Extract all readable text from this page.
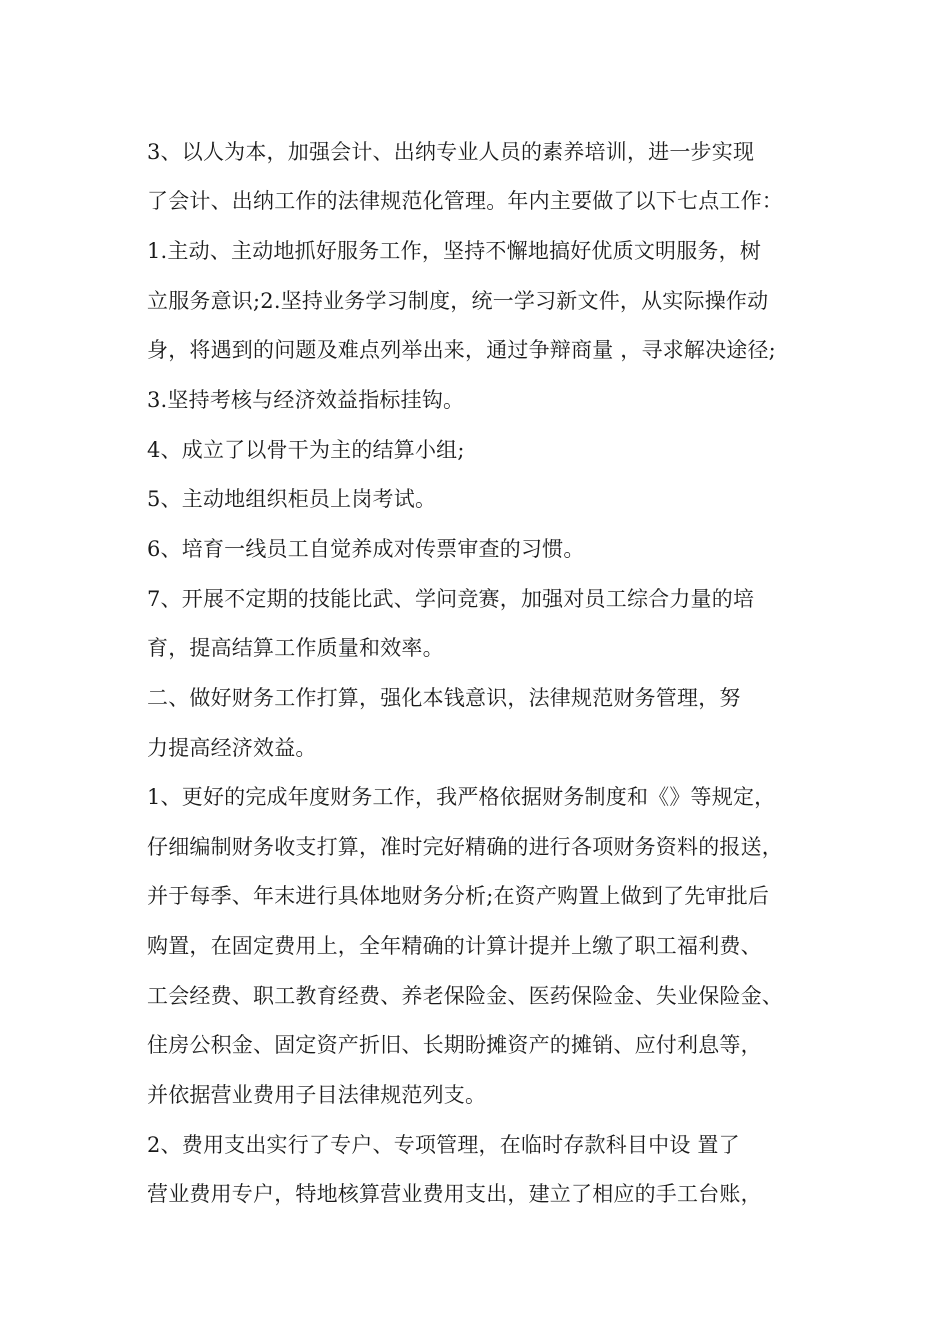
3、以人为本，加强会计、出纳专业人员的素养培训，进一步实现
了会计、出纳工作的法律规范化管理。年内主要做了以下七点工作：
1.主动、主动地抓好服务工作，坚持不懈地搞好优质文明服务，树
立服务意识;2.坚持业务学习制度，统一学习新文件，从实际操作动
身，将遇到的问题及难点列举出来，通过争辩商量 ，寻求解决途径;
3.坚持考核与经济效益指标挂钩。
4、成立了以骨干为主的结算小组;
5、主动地组织柜员上岗考试。
6、培育一线员工自觉养成对传票审查的习惯。
7、开展不定期的技能比武、学问竞赛，加强对员工综合力量的培
育，提高结算工作质量和效率。
二、做好财务工作打算，强化本钱意识，法律规范财务管理，努
力提高经济效益。
1、更好的完成年度财务工作，我严格依据财务制度和《》等规定，
仔细编制财务收支打算，准时完好精确的进行各项财务资料的报送，
并于每季、年末进行具体地财务分析;在资产购置上做到了先审批后
购置，在固定费用上，全年精确的计算计提并上缴了职工福利费、
工会经费、职工教育经费、养老保险金、医药保险金、失业保险金、
住房公积金、固定资产折旧、长期盼摊资产的摊销、应付利息等，
并依据营业费用子目法律规范列支。
2、费用支出实行了专户、专项管理，在临时存款科目中设 置了
营业费用专户，特地核算营业费用支出，建立了相应的手工台账，
